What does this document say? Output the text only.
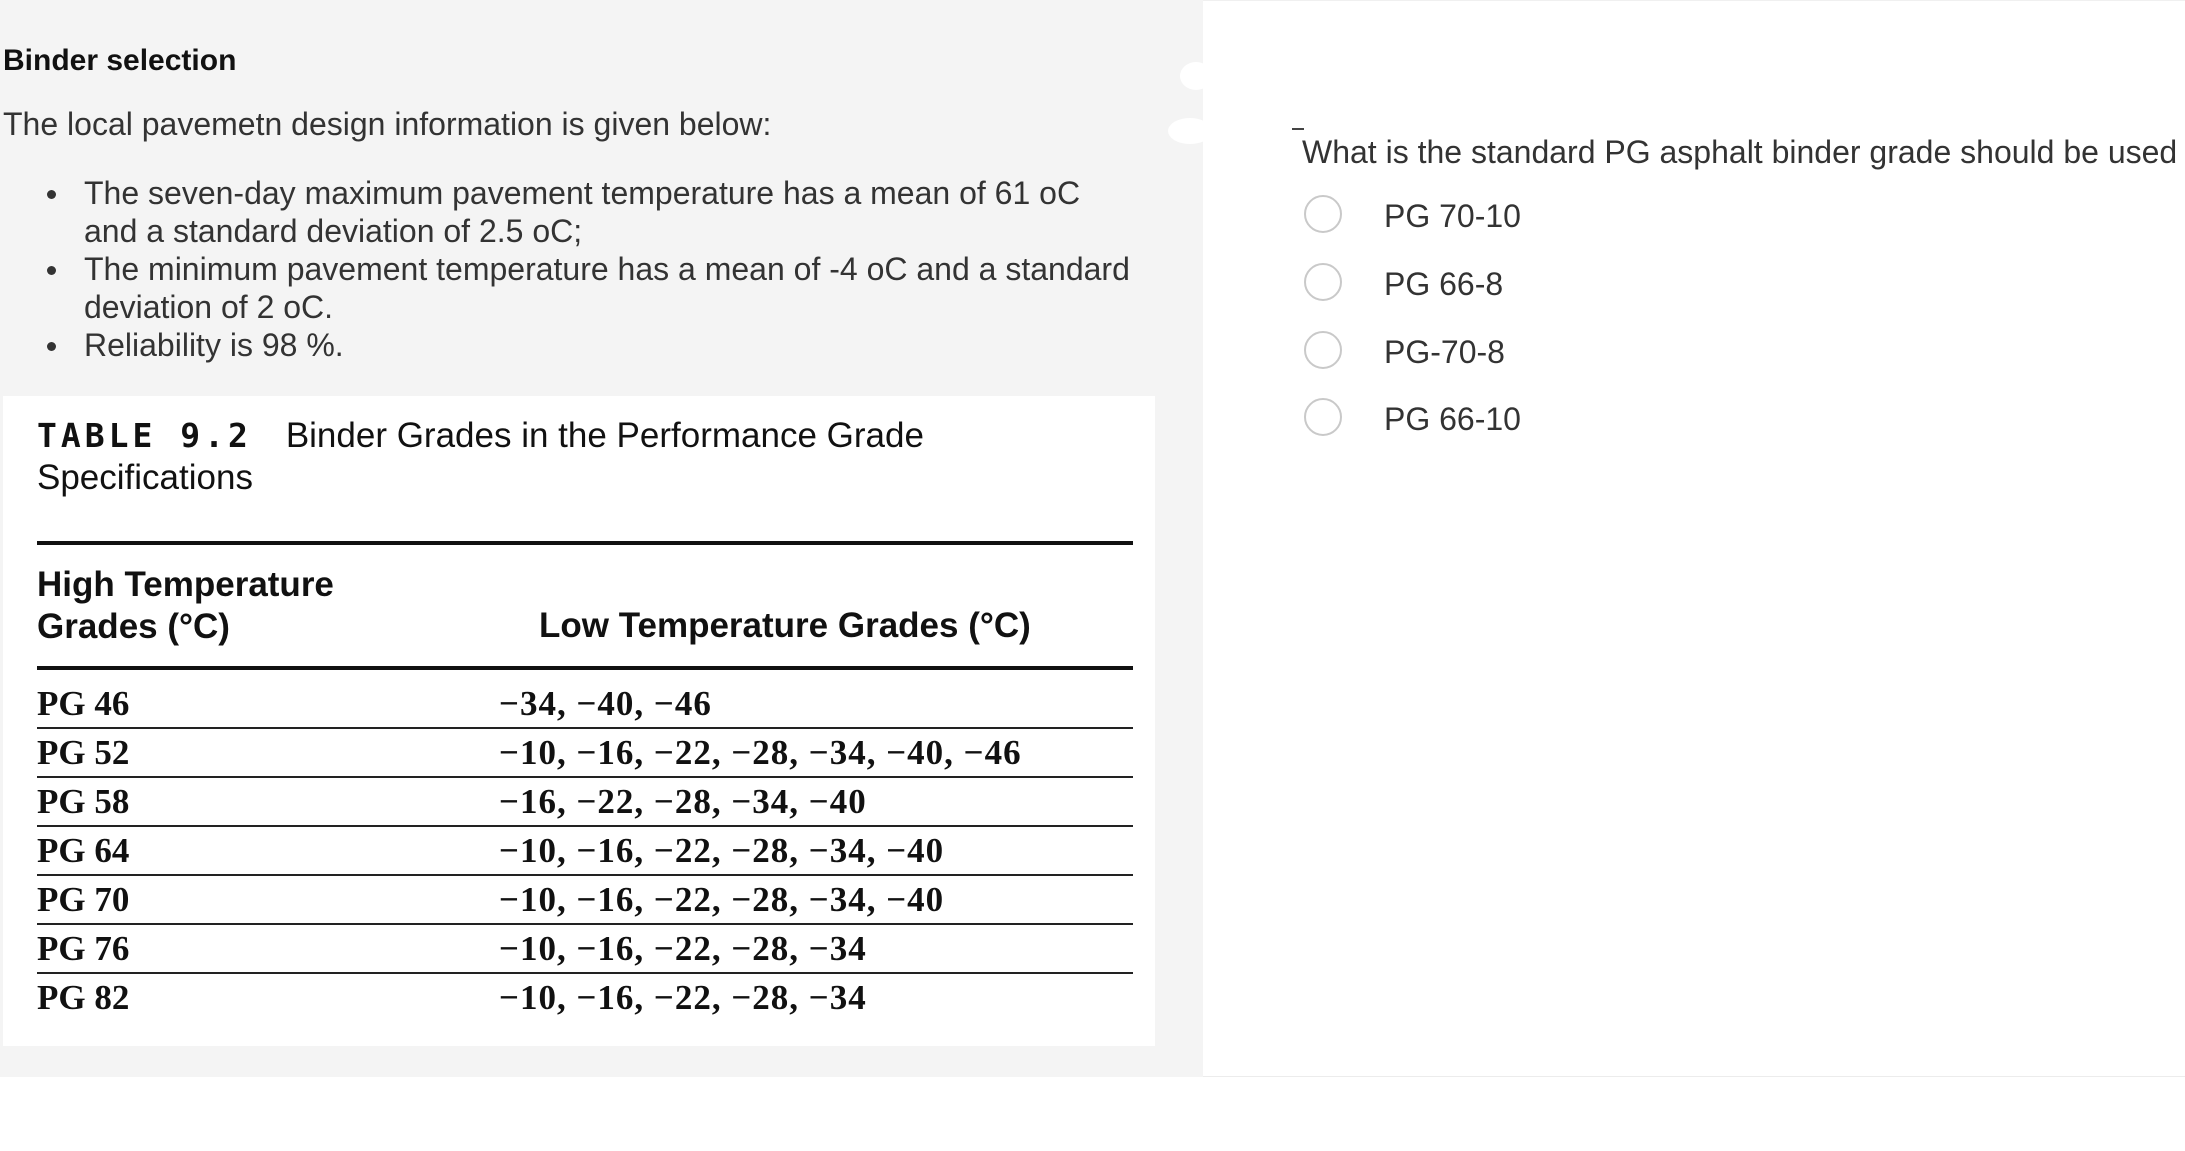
Binder selection
The local pavemetn design information is given below:
The seven-day maximum pavement temperature has a mean of 61 oC and a standard deviation of 2.5 oC;
The minimum pavement temperature has a mean of -4 oC and a standard deviation of 2 oC.
Reliability is 98 %.
TABLE 9.2 Binder Grades in the Performance Grade
Specifications
High Temperature
Grades (°C)	Low Temperature Grades (°C)
PG 46	−34, −40, −46
PG 52	−10, −16, −22, −28, −34, −40, −46
PG 58	−16, −22, −28, −34, −40
PG 64	−10, −16, −22, −28, −34, −40
PG 70	−10, −16, −22, −28, −34, −40
PG 76	−10, −16, −22, −28, −34
PG 82	−10, −16, −22, −28, −34
What is the standard PG asphalt binder grade should be used
PG 70-10
PG 66-8
PG-70-8
PG 66-10
